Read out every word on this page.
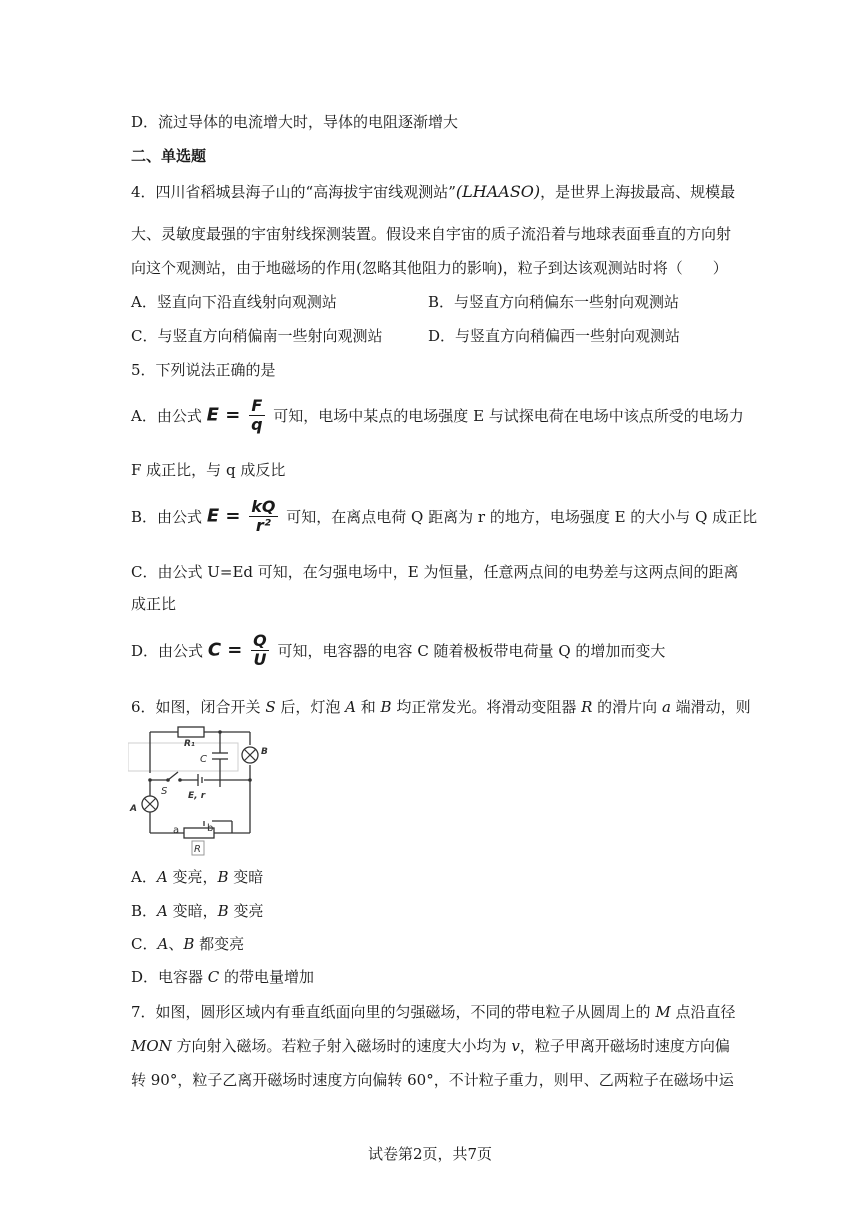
D．流过导体的电流增大时，导体的电阻逐渐增大
二、单选题
4．四川省稻城县海子山的“高海拔宇宙线观测站”(LHAASO)，是世界上海拔最高、规模最
大、灵敏度最强的宇宙射线探测装置。假设来自宇宙的质子流沿着与地球表面垂直的方向射
向这个观测站，由于地磁场的作用(忽略其他阻力的影响)，粒子到达该观测站时将（　　）
A．竖直向下沿直线射向观测站	B．与竖直方向稍偏东一些射向观测站
C．与竖直方向稍偏南一些射向观测站	D．与竖直方向稍偏西一些射向观测站
5．下列说法正确的是
A．由公式 $E = \frac{F}{q}$ 可知，电场中某点的电场强度 E 与试探电荷在电场中该点所受的电场力
F 成正比，与 q 成反比
B．由公式 $E = \frac{kQ}{\text{r²}}$ 可知，在离点电荷 Q 距离为 r 的地方，电场强度 E 的大小与 Q 成正比
C．由公式 U=Ed 可知，在匀强电场中，E 为恒量，任意两点间的电势差与这两点间的距离
成正比
D．由公式 $C = \frac{Q}{U}$ 可知，电容器的电容 C 随着极板带电荷量 Q 的增加而变大
6．如图，闭合开关 S 后，灯泡 A 和 B 均正常发光。将滑动变阻器 R 的滑片向 a 端滑动，则
R₁
C
B
S E, r
A
a	b
R
A．A 变亮，B 变暗
B．A 变暗，B 变亮
C．A、B 都变亮
D．电容器 C 的带电量增加
7．如图，圆形区域内有垂直纸面向里的匀强磁场，不同的带电粒子从圆周上的 M 点沿直径
MON 方向射入磁场。若粒子射入磁场时的速度大小均为 v，粒子甲离开磁场时速度方向偏
转 90°，粒子乙离开磁场时速度方向偏转 60°，不计粒子重力，则甲、乙两粒子在磁场中运
试卷第2页，共7页
